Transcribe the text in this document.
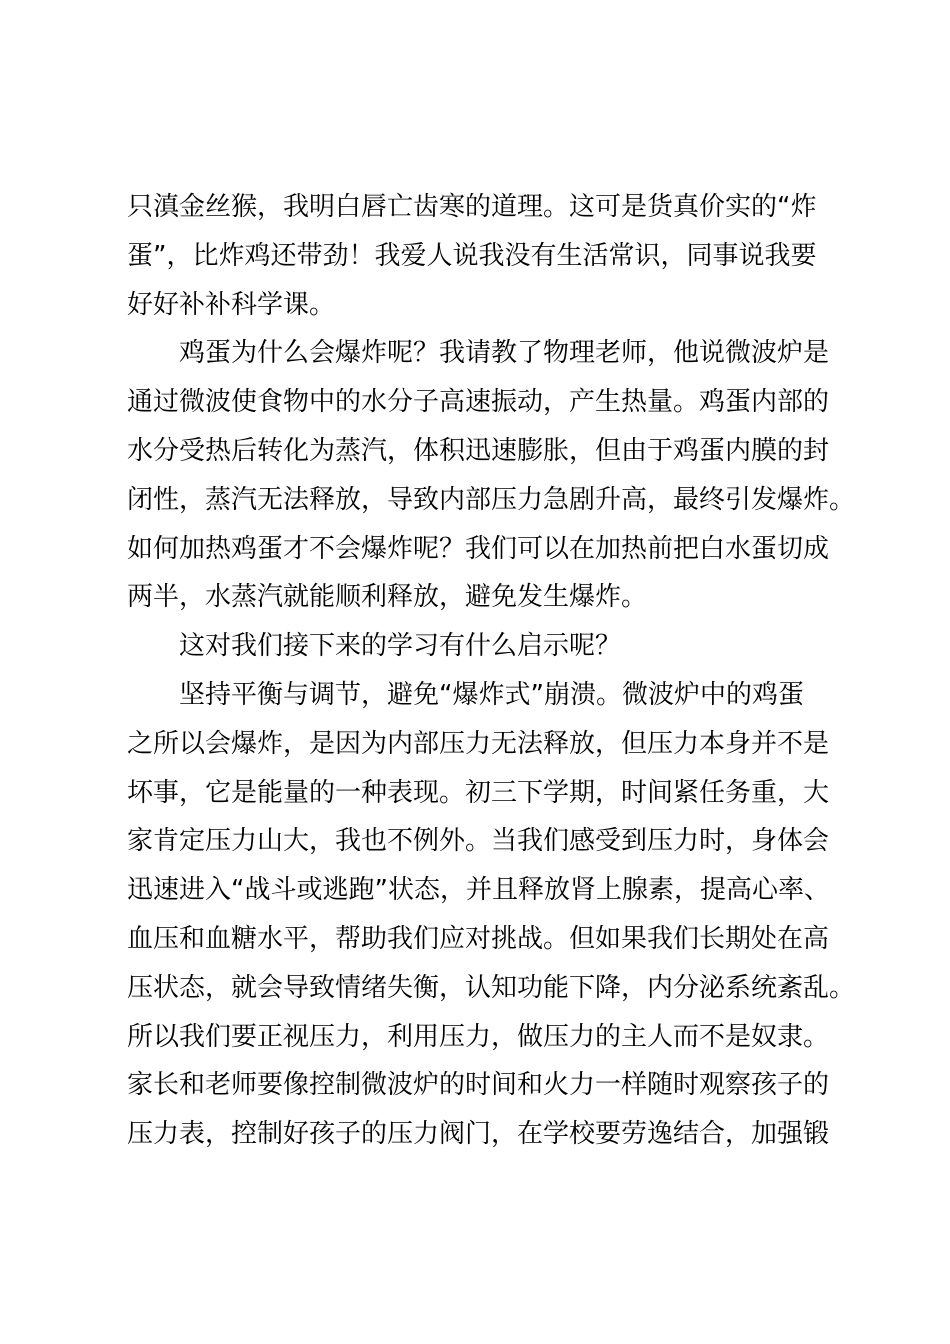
只滇金丝猴，我明白唇亡齿寒的道理。这可是货真价实的“炸
蛋”，比炸鸡还带劲！我爱人说我没有生活常识，同事说我要
好好补补科学课。
鸡蛋为什么会爆炸呢？我请教了物理老师，他说微波炉是
通过微波使食物中的水分子高速振动，产生热量。鸡蛋内部的
水分受热后转化为蒸汽，体积迅速膨胀，但由于鸡蛋内膜的封
闭性，蒸汽无法释放，导致内部压力急剧升高，最终引发爆炸。
如何加热鸡蛋才不会爆炸呢？我们可以在加热前把白水蛋切成
两半，水蒸汽就能顺利释放，避免发生爆炸。
这对我们接下来的学习有什么启示呢？
坚持平衡与调节，避免“爆炸式”崩溃。微波炉中的鸡蛋
之所以会爆炸，是因为内部压力无法释放，但压力本身并不是
坏事，它是能量的一种表现。初三下学期，时间紧任务重，大
家肯定压力山大，我也不例外。当我们感受到压力时，身体会
迅速进入“战斗或逃跑”状态，并且释放肾上腺素，提高心率、
血压和血糖水平，帮助我们应对挑战。但如果我们长期处在高
压状态，就会导致情绪失衡，认知功能下降，内分泌系统紊乱。
所以我们要正视压力，利用压力，做压力的主人而不是奴隶。
家长和老师要像控制微波炉的时间和火力一样随时观察孩子的
压力表，控制好孩子的压力阀门，在学校要劳逸结合，加强锻
